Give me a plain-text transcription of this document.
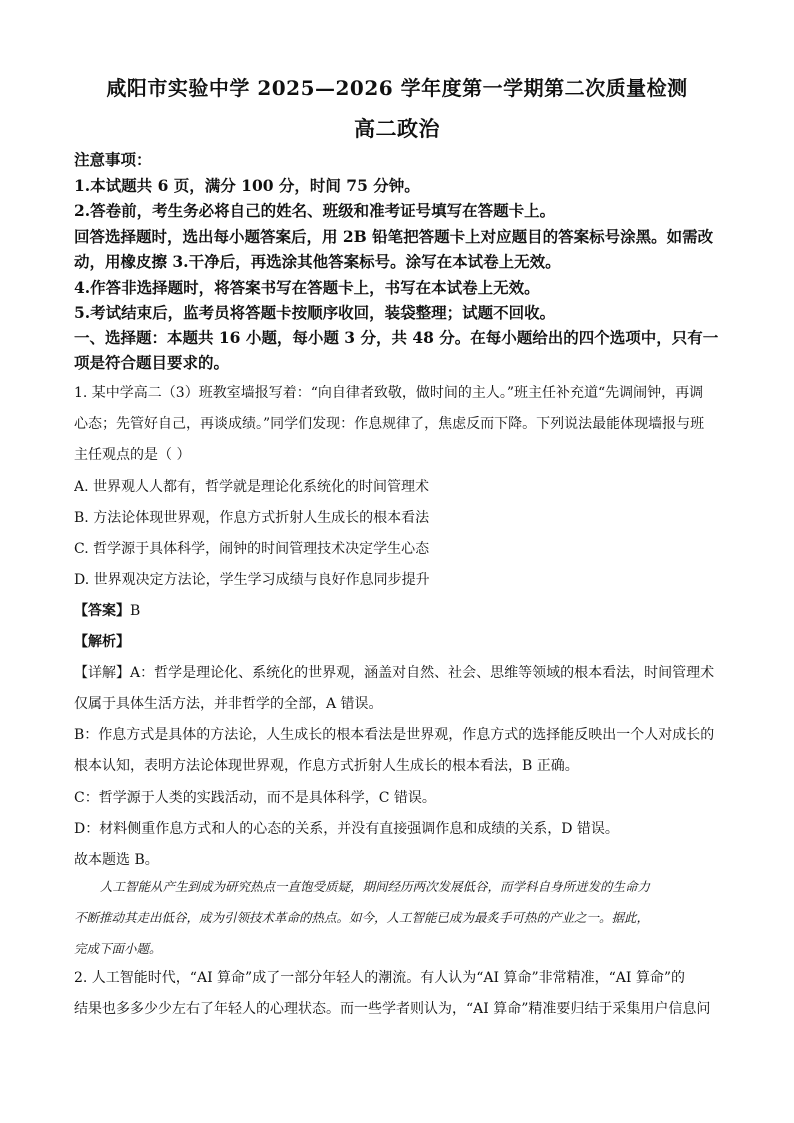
咸阳市实验中学 2025—2026 学年度第一学期第二次质量检测
高二政治
注意事项：
1.本试题共 6 页，满分 100 分，时间 75 分钟。
2.答卷前，考生务必将自己的姓名、班级和准考证号填写在答题卡上。
回答选择题时，选出每小题答案后，用 2B 铅笔把答题卡上对应题目的答案标号涂黑。如需改
动，用橡皮擦 3.干净后，再选涂其他答案标号。涂写在本试卷上无效。
4.作答非选择题时，将答案书写在答题卡上，书写在本试卷上无效。
5.考试结束后，监考员将答题卡按顺序收回，装袋整理；试题不回收。
一、选择题：本题共 16 小题，每小题 3 分，共 48 分。在每小题给出的四个选项中，只有一
项是符合题目要求的。
1. 某中学高二（3）班教室墙报写着：“向自律者致敬，做时间的主人。”班主任补充道“先调闹钟，再调
心态；先管好自己，再谈成绩。”同学们发现：作息规律了，焦虑反而下降。下列说法最能体现墙报与班
主任观点的是（ ）
A. 世界观人人都有，哲学就是理论化系统化的时间管理术
B. 方法论体现世界观，作息方式折射人生成长的根本看法
C. 哲学源于具体科学，闹钟的时间管理技术决定学生心态
D. 世界观决定方法论，学生学习成绩与良好作息同步提升
【答案】B
【解析】
【详解】A：哲学是理论化、系统化的世界观，涵盖对自然、社会、思维等领域的根本看法，时间管理术
仅属于具体生活方法，并非哲学的全部，A 错误。
B：作息方式是具体的方法论，人生成长的根本看法是世界观，作息方式的选择能反映出一个人对成长的
根本认知，表明方法论体现世界观，作息方式折射人生成长的根本看法，B 正确。
C：哲学源于人类的实践活动，而不是具体科学，C 错误。
D：材料侧重作息方式和人的心态的关系，并没有直接强调作息和成绩的关系，D 错误。
故本题选 B。
人工智能从产生到成为研究热点一直饱受质疑，期间经历两次发展低谷，而学科自身所迸发的生命力
不断推动其走出低谷，成为引领技术革命的热点。如今，人工智能已成为最炙手可热的产业之一。据此，
完成下面小题。
2. 人工智能时代，“AI 算命”成了一部分年轻人的潮流。有人认为“AI 算命”非常精准，“AI 算命”的
结果也多多少少左右了年轻人的心理状态。而一些学者则认为，“AI 算命”精准要归结于采集用户信息问
